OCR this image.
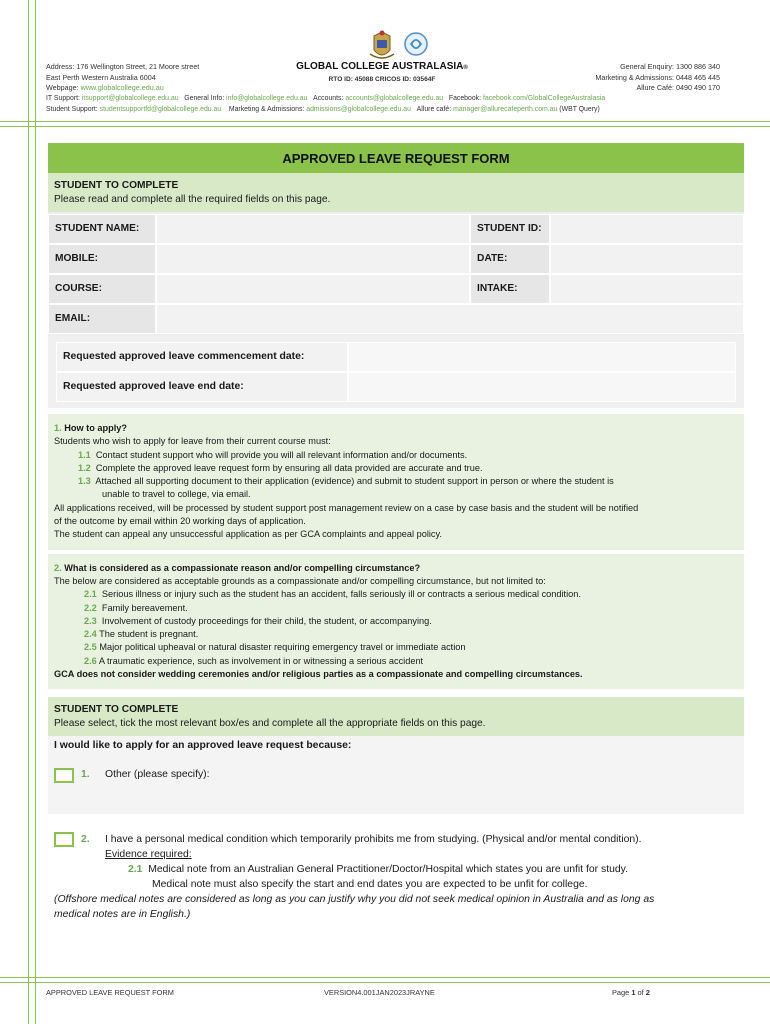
Address: 176 Wellington Street, 21 Moore street
East Perth Western Australia 6004
Webpage: www.globalcollege.edu.au
GLOBAL COLLEGE AUSTRALASIA®
RTO ID: 45088 CRICOS ID: 03564F
General Enquiry: 1300 886 340
Marketing & Admissions: 0448 465 445
Allure Café: 0490 490 170
IT Support: itsupport@globalcollege.edu.au General Info: info@globalcollege.edu.au Accounts: accounts@globalcollege.edu.au Facebook: facebook.com/GlobalCollegeAustralasia
Student Support: studentsupportfd@globalcollege.edu.au Marketing & Admissions: admissions@globalcollege.edu.au Allure café: manager@allurecafeperth.com.au (WBT Query)
APPROVED LEAVE REQUEST FORM
STUDENT TO COMPLETE
Please read and complete all the required fields on this page.
STUDENT NAME:	STUDENT ID:
MOBILE:	DATE:
COURSE:	INTAKE:
EMAIL:
Requested approved leave commencement date:
Requested approved leave end date:
1. How to apply?
Students who wish to apply for leave from their current course must:
1.1 Contact student support who will provide you will all relevant information and/or documents.
1.2 Complete the approved leave request form by ensuring all data provided are accurate and true.
1.3 Attached all supporting document to their application (evidence) and submit to student support in person or where the student is
unable to travel to college, via email.
All applications received, will be processed by student support post management review on a case by case basis and the student will be notified
of the outcome by email within 20 working days of application.
The student can appeal any unsuccessful application as per GCA complaints and appeal policy.
2. What is considered as a compassionate reason and/or compelling circumstance?
The below are considered as acceptable grounds as a compassionate and/or compelling circumstance, but not limited to:
2.1 Serious illness or injury such as the student has an accident, falls seriously ill or contracts a serious medical condition.
2.2 Family bereavement.
2.3 Involvement of custody proceedings for their child, the student, or accompanying.
2.4 The student is pregnant.
2.5 Major political upheaval or natural disaster requiring emergency travel or immediate action
2.6 A traumatic experience, such as involvement in or witnessing a serious accident
GCA does not consider wedding ceremonies and/or religious parties as a compassionate and compelling circumstances.
STUDENT TO COMPLETE
Please select, tick the most relevant box/es and complete all the appropriate fields on this page.
I would like to apply for an approved leave request because:
1. Other (please specify):
2. I have a personal medical condition which temporarily prohibits me from studying. (Physical and/or mental condition).
Evidence required:
2.1 Medical note from an Australian General Practitioner/Doctor/Hospital which states you are unfit for study.
Medical note must also specify the start and end dates you are expected to be unfit for college.
(Offshore medical notes are considered as long as you can justify why you did not seek medical opinion in Australia and as long as
medical notes are in English.)
APPROVED LEAVE REQUEST FORM	VERSION4.001JAN2023JRAYNE	Page 1 of 2
